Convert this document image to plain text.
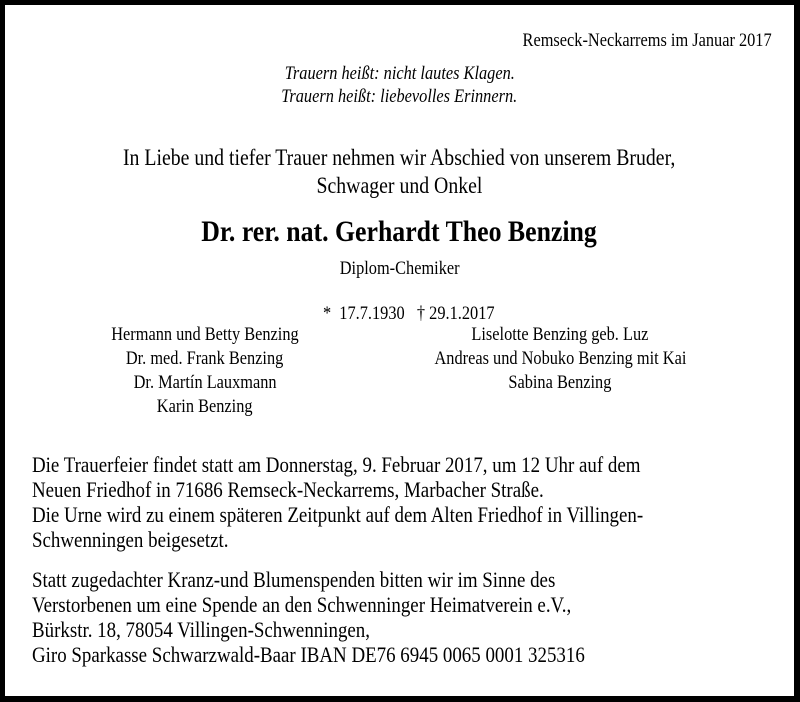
Remseck-Neckarrems im Januar 2017
Trauern heißt: nicht lautes Klagen.
Trauern heißt: liebevolles Erinnern.
In Liebe und tiefer Trauer nehmen wir Abschied von unserem Bruder,
Schwager und Onkel
Dr. rer. nat. Gerhardt Theo Benzing
Diplom-Chemiker

*  17.7.1930   † 29.1.2017

Hermann und Betty Benzing
Dr. med. Frank Benzing
Dr. Martín Lauxmann
Karin Benzing
Liselotte Benzing geb. Luz
Andreas und Nobuko Benzing mit Kai
Sabina Benzing
Die Trauerfeier findet statt am Donnerstag, 9. Februar 2017, um 12 Uhr auf dem
Neuen Friedhof in 71686 Remseck-Neckarrems, Marbacher Straße.
Die Urne wird zu einem späteren Zeitpunkt auf dem Alten Friedhof in Villingen-
Schwenningen beigesetzt.
Statt zugedachter Kranz-und Blumenspenden bitten wir im Sinne des
Verstorbenen um eine Spende an den Schwenninger Heimatverein e.V.,
Bürkstr. 18, 78054 Villingen-Schwenningen,
Giro Sparkasse Schwarzwald-Baar IBAN DE76 6945 0065 0001 325316
